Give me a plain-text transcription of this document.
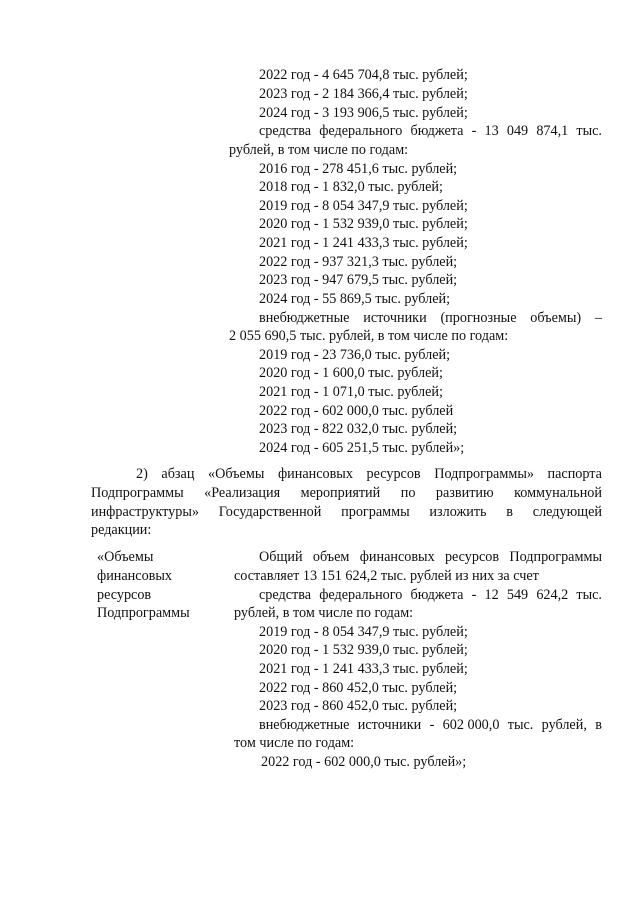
2022 год - 4 645 704,8 тыс. рублей;
2023 год - 2 184 366,4 тыс. рублей;
2024 год - 3 193 906,5 тыс. рублей;
средства федерального бюджета - 13 049 874,1 тыс.
рублей, в том числе по годам:
2016 год - 278 451,6 тыс. рублей;
2018 год - 1 832,0 тыс. рублей;
2019 год - 8 054 347,9 тыс. рублей;
2020 год - 1 532 939,0 тыс. рублей;
2021 год - 1 241 433,3 тыс. рублей;
2022 год - 937 321,3 тыс. рублей;
2023 год - 947 679,5 тыс. рублей;
2024 год - 55 869,5 тыс. рублей;
внебюджетные источники (прогнозные объемы) –
2 055 690,5 тыс. рублей, в том числе по годам:
2019 год - 23 736,0 тыс. рублей;
2020 год - 1 600,0 тыс. рублей;
2021 год - 1 071,0 тыс. рублей;
2022 год - 602 000,0 тыс. рублей
2023 год - 822 032,0 тыс. рублей;
2024 год - 605 251,5 тыс. рублей»;
2) абзац «Объемы финансовых ресурсов Подпрограммы» паспорта
Подпрограммы «Реализация мероприятий по развитию коммунальной
инфраструктуры» Государственной программы изложить в следующей
редакции:
«Объемы
финансовых
ресурсов
Подпрограммы
Общий объем финансовых ресурсов Подпрограммы
составляет 13 151 624,2 тыс. рублей из них за счет
средства федерального бюджета - 12 549 624,2 тыс.
рублей, в том числе по годам:
2019 год - 8 054 347,9 тыс. рублей;
2020 год - 1 532 939,0 тыс. рублей;
2021 год - 1 241 433,3 тыс. рублей;
2022 год - 860 452,0 тыс. рублей;
2023 год - 860 452,0 тыс. рублей;
внебюджетные источники - 602 000,0 тыс. рублей, в
том числе по годам:
2022 год - 602 000,0 тыс. рублей»;
